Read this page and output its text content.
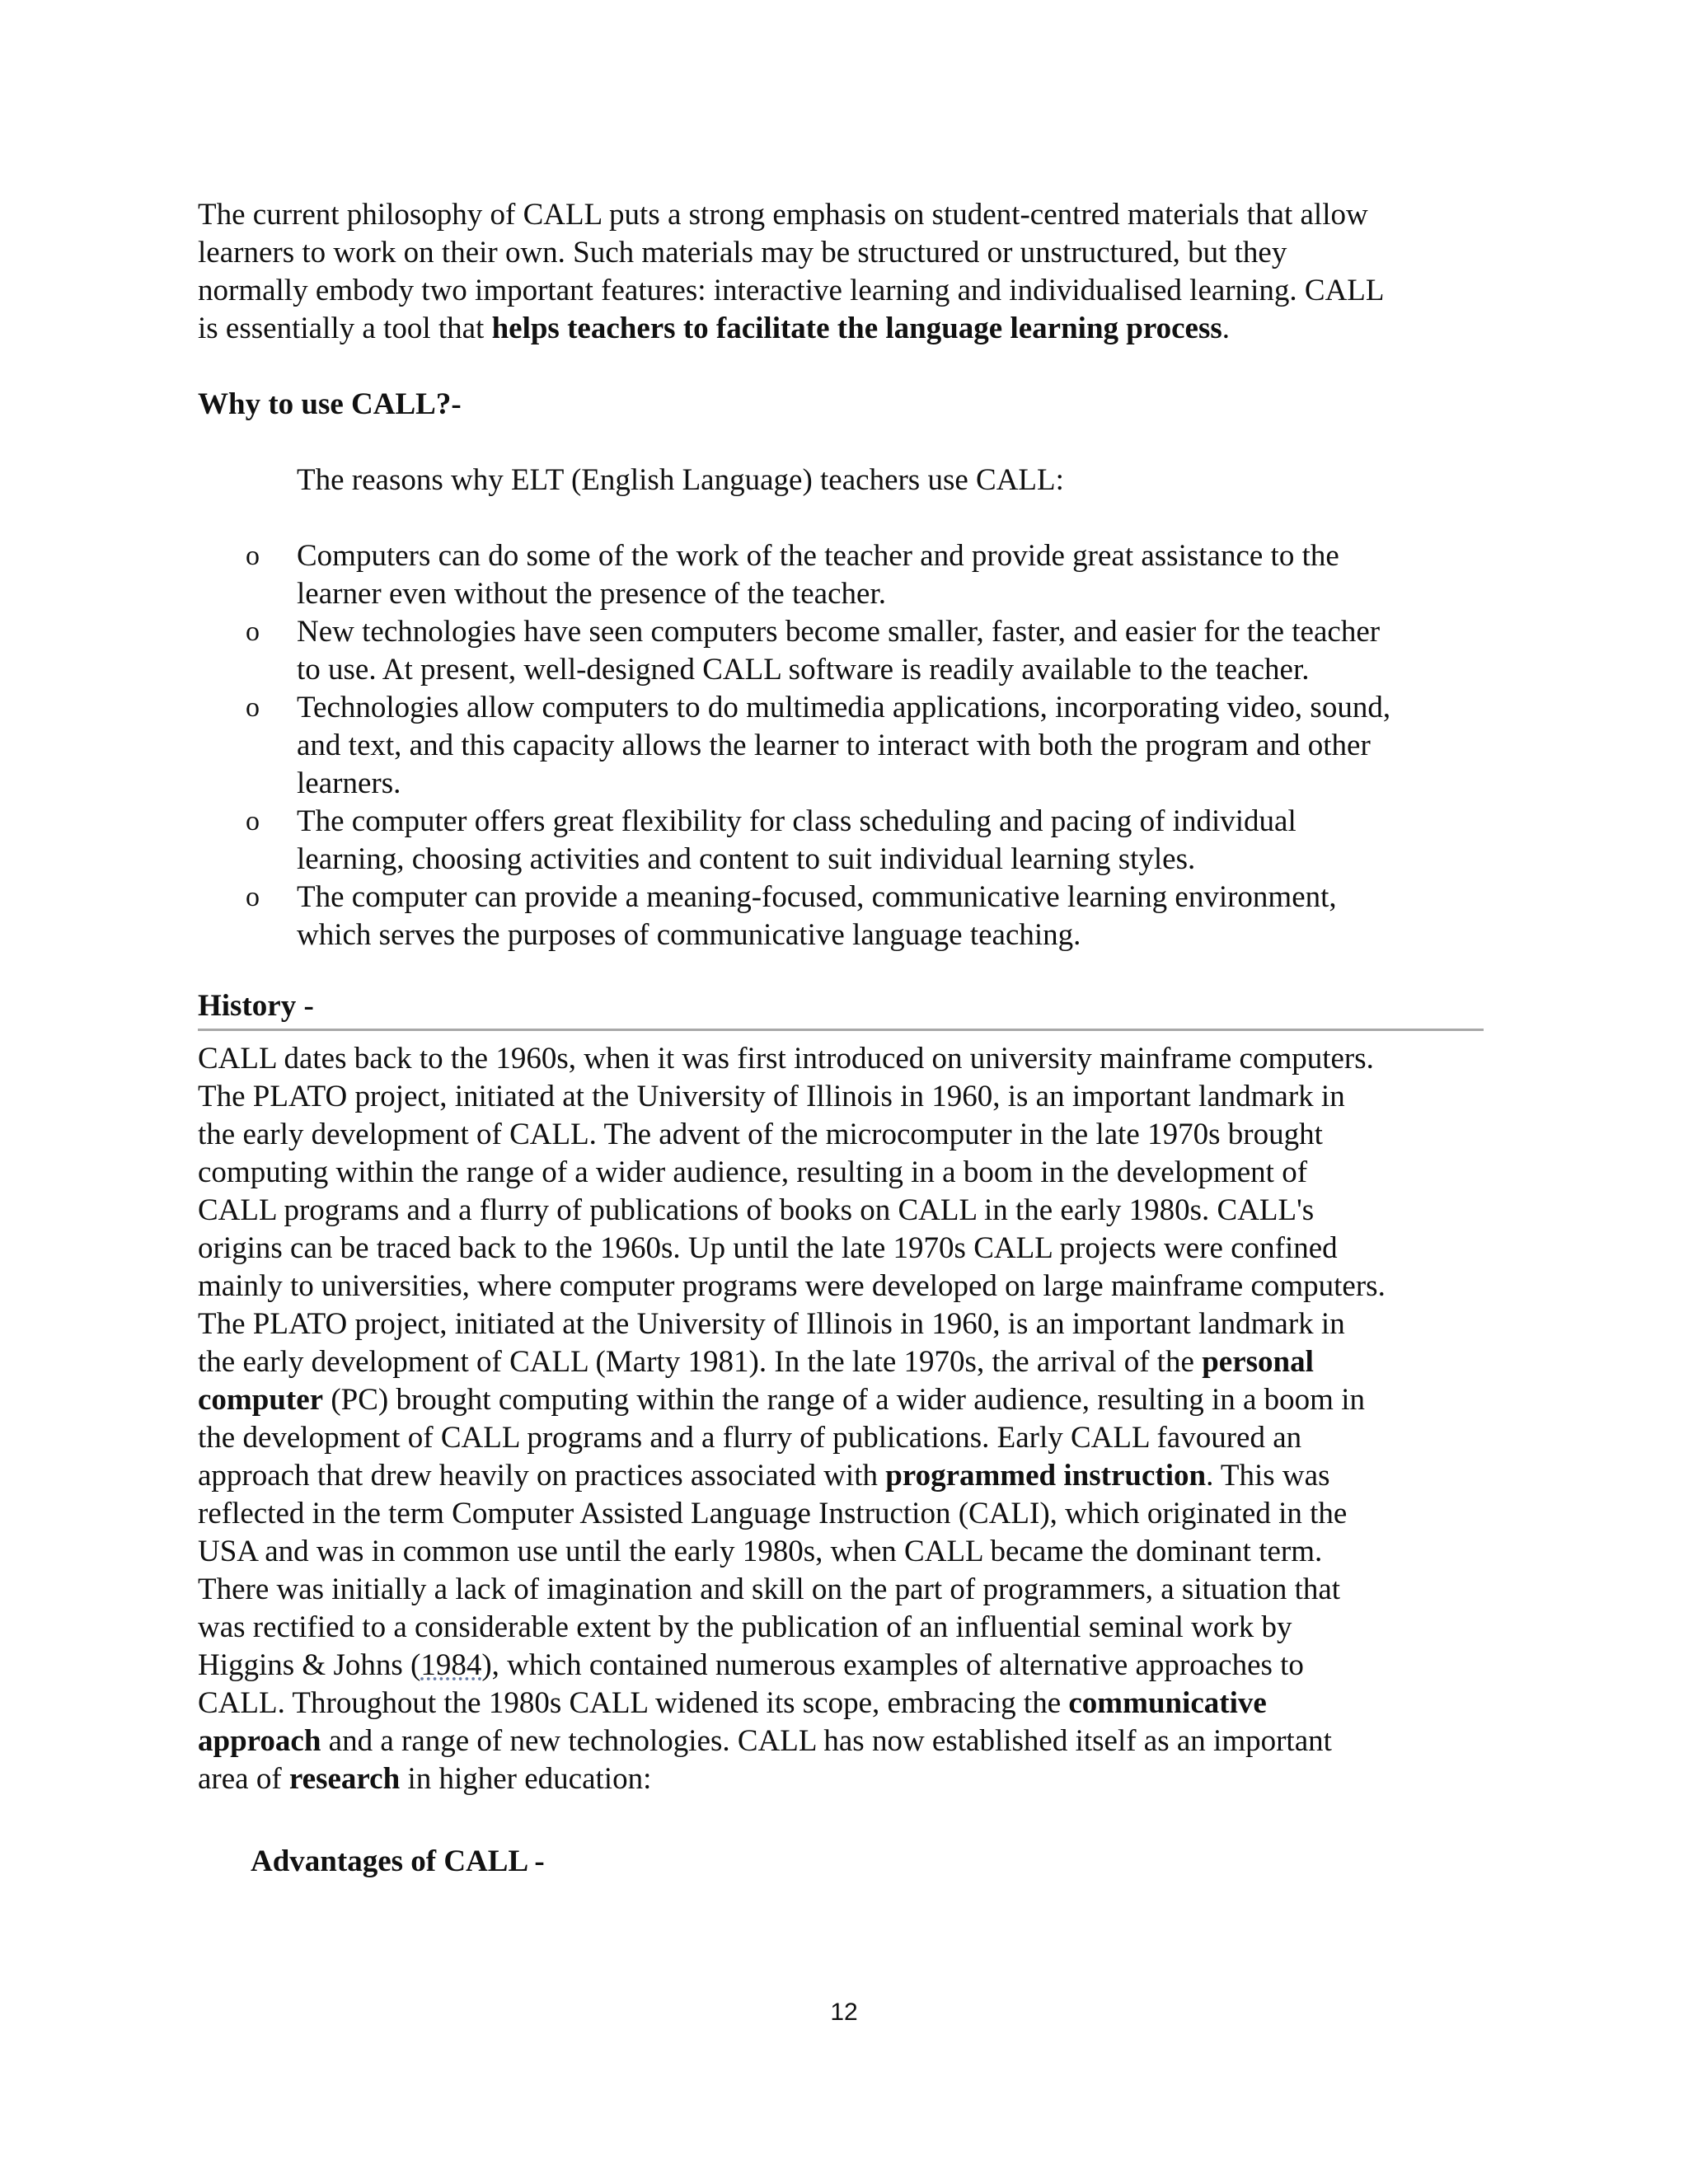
The current philosophy of CALL puts a strong emphasis on student-centred materials that allow
learners to work on their own. Such materials may be structured or unstructured, but they
normally embody two important features: interactive learning and individualised learning. CALL
is essentially a tool that helps teachers to facilitate the language learning process.
Why to use CALL?-
The reasons why ELT (English Language) teachers use CALL:
o Computers can do some of the work of the teacher and provide great assistance to the
learner even without the presence of the teacher.
o New technologies have seen computers become smaller, faster, and easier for the teacher
to use. At present, well-designed CALL software is readily available to the teacher.
o Technologies allow computers to do multimedia applications, incorporating video, sound,
and text, and this capacity allows the learner to interact with both the program and other
learners.
o The computer offers great flexibility for class scheduling and pacing of individual
learning, choosing activities and content to suit individual learning styles.
o The computer can provide a meaning-focused, communicative learning environment,
which serves the purposes of communicative language teaching.
History -
CALL dates back to the 1960s, when it was first introduced on university mainframe computers.
The PLATO project, initiated at the University of Illinois in 1960, is an important landmark in
the early development of CALL. The advent of the microcomputer in the late 1970s brought
computing within the range of a wider audience, resulting in a boom in the development of
CALL programs and a flurry of publications of books on CALL in the early 1980s. CALL's
origins can be traced back to the 1960s. Up until the late 1970s CALL projects were confined
mainly to universities, where computer programs were developed on large mainframe computers.
The PLATO project, initiated at the University of Illinois in 1960, is an important landmark in
the early development of CALL (Marty 1981). In the late 1970s, the arrival of the personal
computer (PC) brought computing within the range of a wider audience, resulting in a boom in
the development of CALL programs and a flurry of publications. Early CALL favoured an
approach that drew heavily on practices associated with programmed instruction. This was
reflected in the term Computer Assisted Language Instruction (CALI), which originated in the
USA and was in common use until the early 1980s, when CALL became the dominant term.
There was initially a lack of imagination and skill on the part of programmers, a situation that
was rectified to a considerable extent by the publication of an influential seminal work by
Higgins & Johns (1984), which contained numerous examples of alternative approaches to
CALL. Throughout the 1980s CALL widened its scope, embracing the communicative
approach and a range of new technologies. CALL has now established itself as an important
area of research in higher education:
Advantages of CALL -
12
